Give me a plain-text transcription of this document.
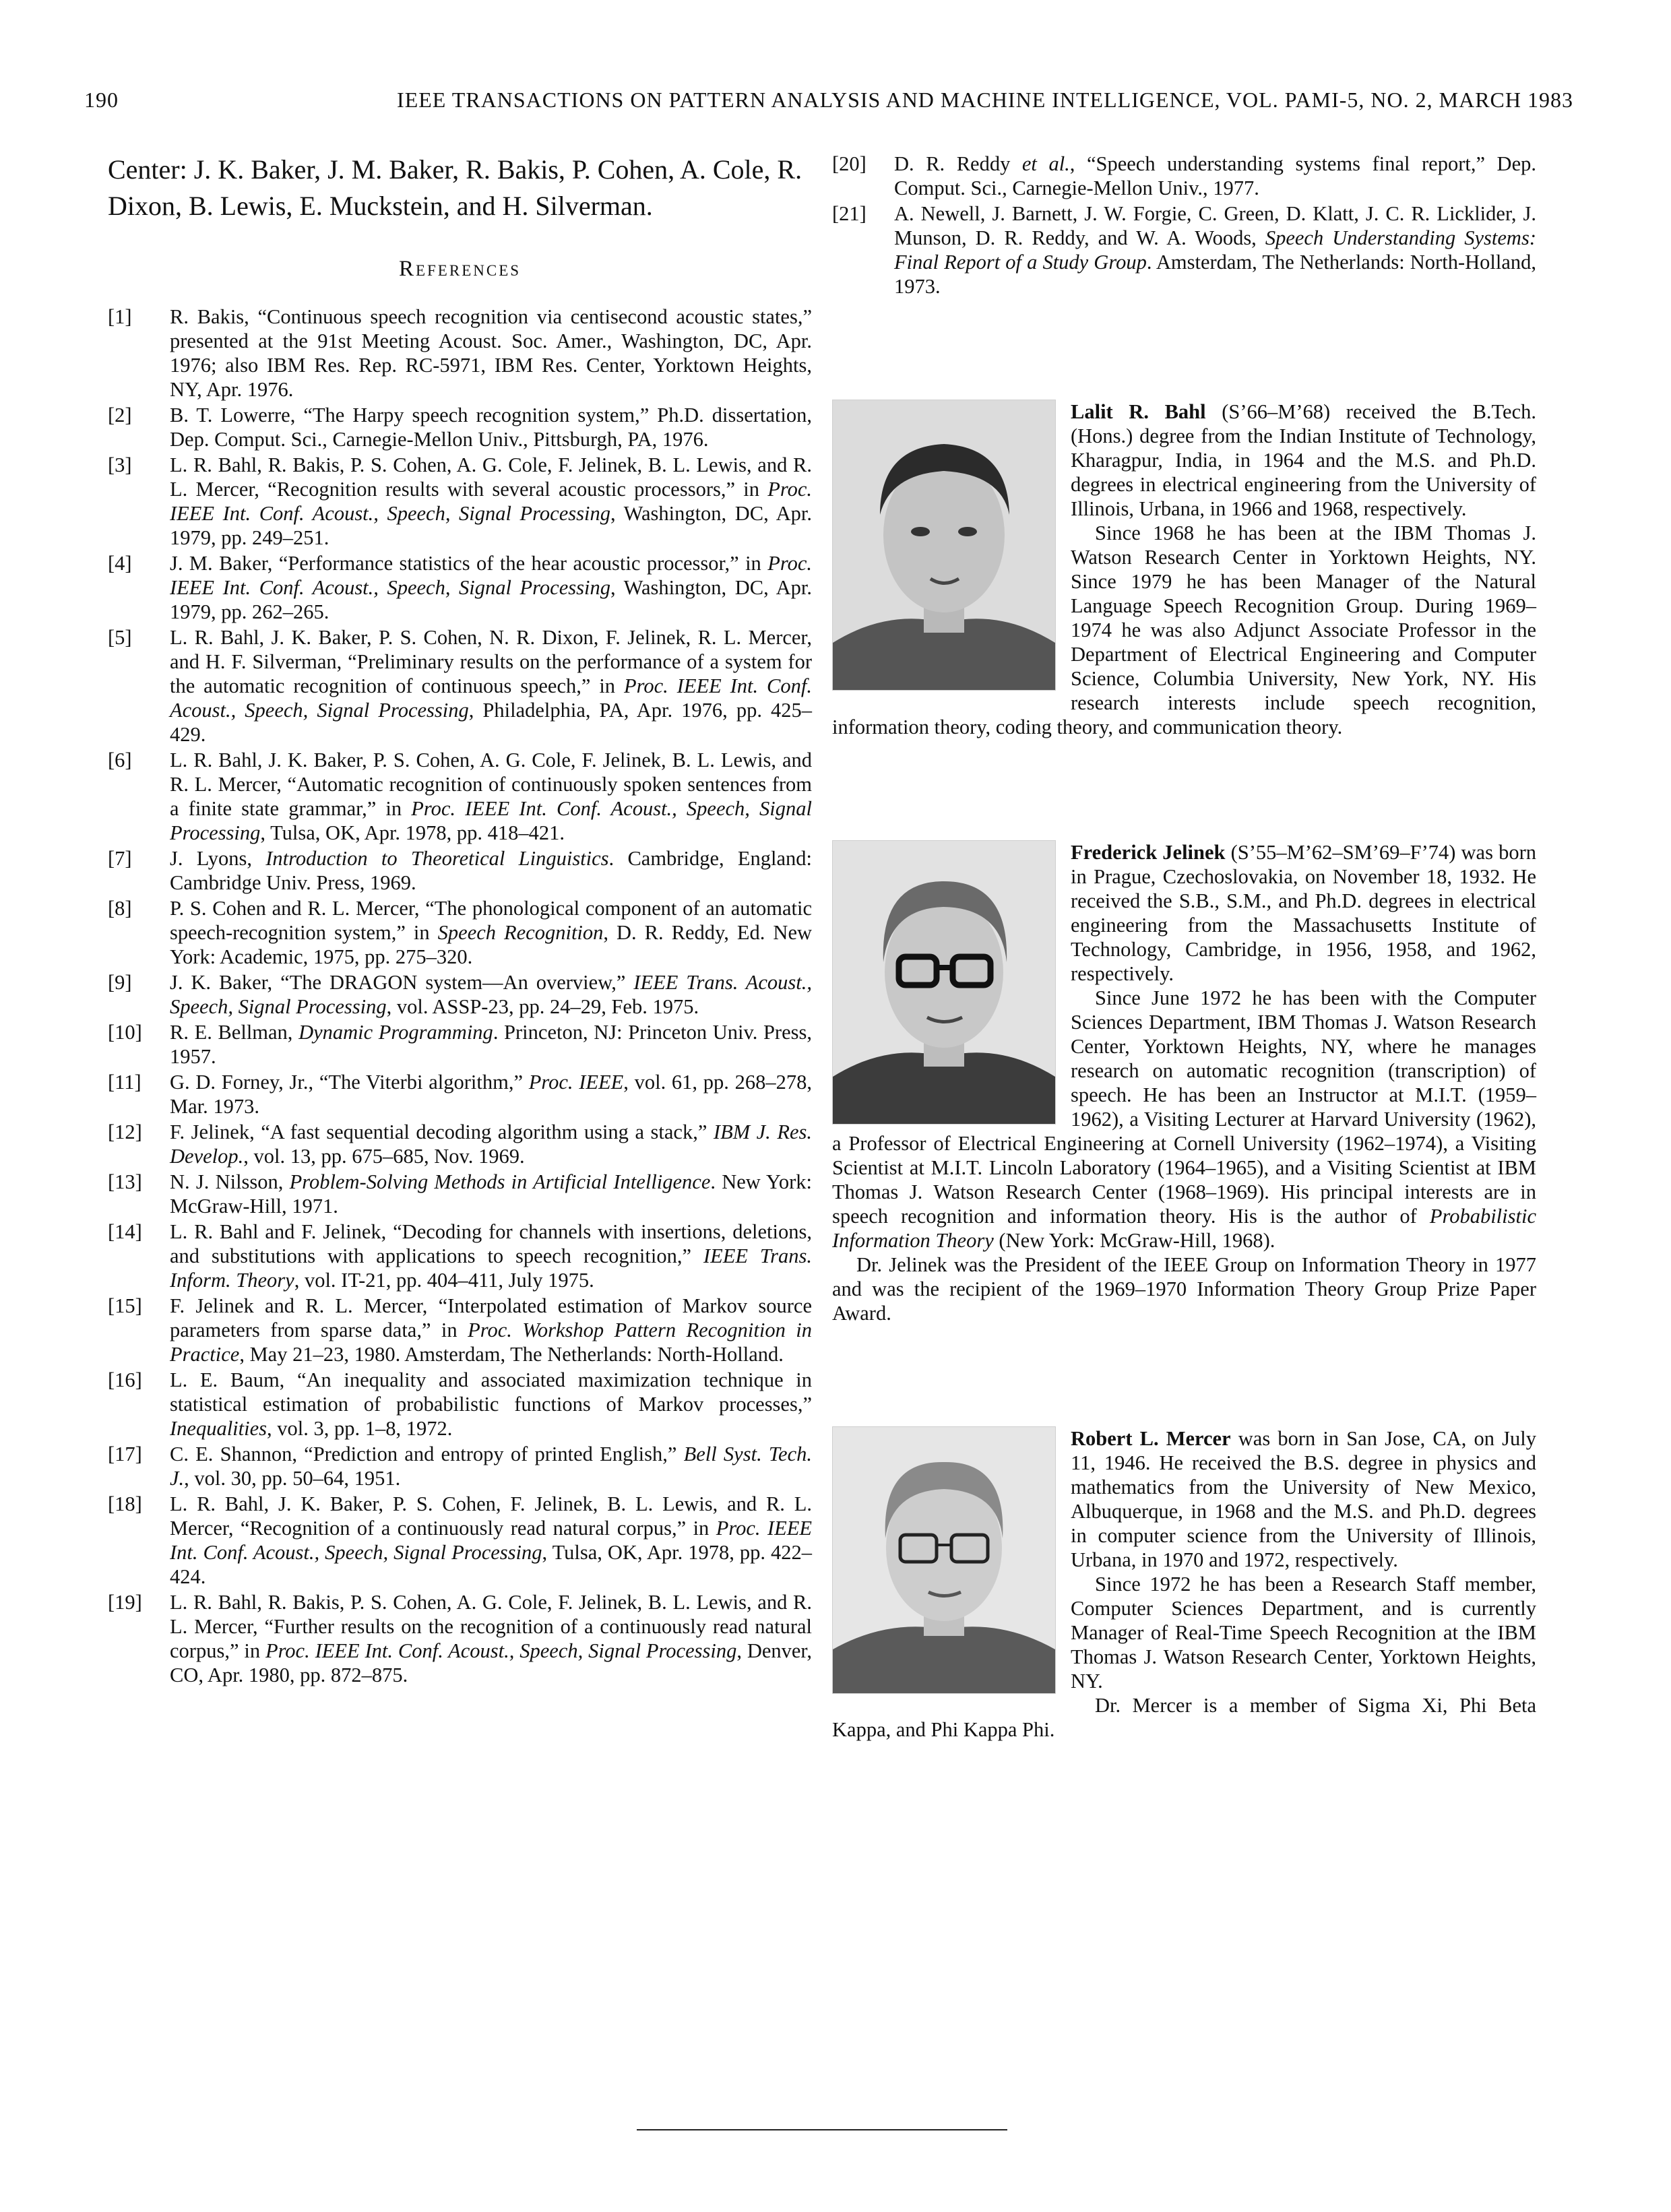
190	IEEE TRANSACTIONS ON PATTERN ANALYSIS AND MACHINE INTELLIGENCE, VOL. PAMI-5, NO. 2, MARCH 1983

Center: J. K. Baker, J. M. Baker, R. Bakis, P. Cohen, A. Cole, R. Dixon, B. Lewis, E. Muckstein, and H. Silverman.

References
[1]	R. Bakis, “Continuous speech recognition via centisecond acoustic states,” presented at the 91st Meeting Acoust. Soc. Amer., Washington, DC, Apr. 1976; also IBM Res. Rep. RC-5971, IBM Res. Center, Yorktown Heights, NY, Apr. 1976.
[2]	B. T. Lowerre, “The Harpy speech recognition system,” Ph.D. dissertation, Dep. Comput. Sci., Carnegie-Mellon Univ., Pittsburgh, PA, 1976.
[3]	L. R. Bahl, R. Bakis, P. S. Cohen, A. G. Cole, F. Jelinek, B. L. Lewis, and R. L. Mercer, “Recognition results with several acoustic processors,” in Proc. IEEE Int. Conf. Acoust., Speech, Signal Processing, Washington, DC, Apr. 1979, pp. 249–251.
[4]	J. M. Baker, “Performance statistics of the hear acoustic processor,” in Proc. IEEE Int. Conf. Acoust., Speech, Signal Processing, Washington, DC, Apr. 1979, pp. 262–265.
[5]	L. R. Bahl, J. K. Baker, P. S. Cohen, N. R. Dixon, F. Jelinek, R. L. Mercer, and H. F. Silverman, “Preliminary results on the performance of a system for the automatic recognition of continuous speech,” in Proc. IEEE Int. Conf. Acoust., Speech, Signal Processing, Philadelphia, PA, Apr. 1976, pp. 425–429.
[6]	L. R. Bahl, J. K. Baker, P. S. Cohen, A. G. Cole, F. Jelinek, B. L. Lewis, and R. L. Mercer, “Automatic recognition of continuously spoken sentences from a finite state grammar,” in Proc. IEEE Int. Conf. Acoust., Speech, Signal Processing, Tulsa, OK, Apr. 1978, pp. 418–421.
[7]	J. Lyons, Introduction to Theoretical Linguistics. Cambridge, England: Cambridge Univ. Press, 1969.
[8]	P. S. Cohen and R. L. Mercer, “The phonological component of an automatic speech-recognition system,” in Speech Recognition, D. R. Reddy, Ed. New York: Academic, 1975, pp. 275–320.
[9]	J. K. Baker, “The DRAGON system—An overview,” IEEE Trans. Acoust., Speech, Signal Processing, vol. ASSP-23, pp. 24–29, Feb. 1975.
[10]	R. E. Bellman, Dynamic Programming. Princeton, NJ: Princeton Univ. Press, 1957.
[11]	G. D. Forney, Jr., “The Viterbi algorithm,” Proc. IEEE, vol. 61, pp. 268–278, Mar. 1973.
[12]	F. Jelinek, “A fast sequential decoding algorithm using a stack,” IBM J. Res. Develop., vol. 13, pp. 675–685, Nov. 1969.
[13]	N. J. Nilsson, Problem-Solving Methods in Artificial Intelligence. New York: McGraw-Hill, 1971.
[14]	L. R. Bahl and F. Jelinek, “Decoding for channels with insertions, deletions, and substitutions with applications to speech recognition,” IEEE Trans. Inform. Theory, vol. IT-21, pp. 404–411, July 1975.
[15]	F. Jelinek and R. L. Mercer, “Interpolated estimation of Markov source parameters from sparse data,” in Proc. Workshop Pattern Recognition in Practice, May 21–23, 1980. Amsterdam, The Netherlands: North-Holland.
[16]	L. E. Baum, “An inequality and associated maximization technique in statistical estimation of probabilistic functions of Markov processes,” Inequalities, vol. 3, pp. 1–8, 1972.
[17]	C. E. Shannon, “Prediction and entropy of printed English,” Bell Syst. Tech. J., vol. 30, pp. 50–64, 1951.
[18]	L. R. Bahl, J. K. Baker, P. S. Cohen, F. Jelinek, B. L. Lewis, and R. L. Mercer, “Recognition of a continuously read natural corpus,” in Proc. IEEE Int. Conf. Acoust., Speech, Signal Processing, Tulsa, OK, Apr. 1978, pp. 422–424.
[19]	L. R. Bahl, R. Bakis, P. S. Cohen, A. G. Cole, F. Jelinek, B. L. Lewis, and R. L. Mercer, “Further results on the recognition of a continuously read natural corpus,” in Proc. IEEE Int. Conf. Acoust., Speech, Signal Processing, Denver, CO, Apr. 1980, pp. 872–875.
[20]	D. R. Reddy et al., “Speech understanding systems final report,” Dep. Comput. Sci., Carnegie-Mellon Univ., 1977.
[21]	A. Newell, J. Barnett, J. W. Forgie, C. Green, D. Klatt, J. C. R. Licklider, J. Munson, D. R. Reddy, and W. A. Woods, Speech Understanding Systems: Final Report of a Study Group. Amsterdam, The Netherlands: North-Holland, 1973.

Lalit R. Bahl (S’66–M’68) received the B.Tech. (Hons.) degree from the Indian Institute of Technology, Kharagpur, India, in 1964 and the M.S. and Ph.D. degrees in electrical engineering from the University of Illinois, Urbana, in 1966 and 1968, respectively.

Since 1968 he has been at the IBM Thomas J. Watson Research Center in Yorktown Heights, NY. Since 1979 he has been Manager of the Natural Language Speech Recognition Group. During 1969–1974 he was also Adjunct Associate Professor in the Department of Electrical Engineering and Computer Science, Columbia University, New York, NY. His research interests include speech recognition, information theory, coding theory, and communication theory.

Frederick Jelinek (S’55–M’62–SM’69–F’74) was born in Prague, Czechoslovakia, on November 18, 1932. He received the S.B., S.M., and Ph.D. degrees in electrical engineering from the Massachusetts Institute of Technology, Cambridge, in 1956, 1958, and 1962, respectively.

Since June 1972 he has been with the Computer Sciences Department, IBM Thomas J. Watson Research Center, Yorktown Heights, NY, where he manages research on automatic recognition (transcription) of speech. He has been an Instructor at M.I.T. (1959–1962), a Visiting Lecturer at Harvard University (1962), a Professor of Electrical Engineering at Cornell University (1962–1974), a Visiting Scientist at M.I.T. Lincoln Laboratory (1964–1965), and a Visiting Scientist at IBM Thomas J. Watson Research Center (1968–1969). His principal interests are in speech recognition and information theory. His is the author of Probabilistic Information Theory (New York: McGraw-Hill, 1968).

Dr. Jelinek was the President of the IEEE Group on Information Theory in 1977 and was the recipient of the 1969–1970 Information Theory Group Prize Paper Award.

Robert L. Mercer was born in San Jose, CA, on July 11, 1946. He received the B.S. degree in physics and mathematics from the University of New Mexico, Albuquerque, in 1968 and the M.S. and Ph.D. degrees in computer science from the University of Illinois, Urbana, in 1970 and 1972, respectively.

Since 1972 he has been a Research Staff member, Computer Sciences Department, and is currently Manager of Real-Time Speech Recognition at the IBM Thomas J. Watson Research Center, Yorktown Heights, NY.

Dr. Mercer is a member of Sigma Xi, Phi Beta Kappa, and Phi Kappa Phi.
